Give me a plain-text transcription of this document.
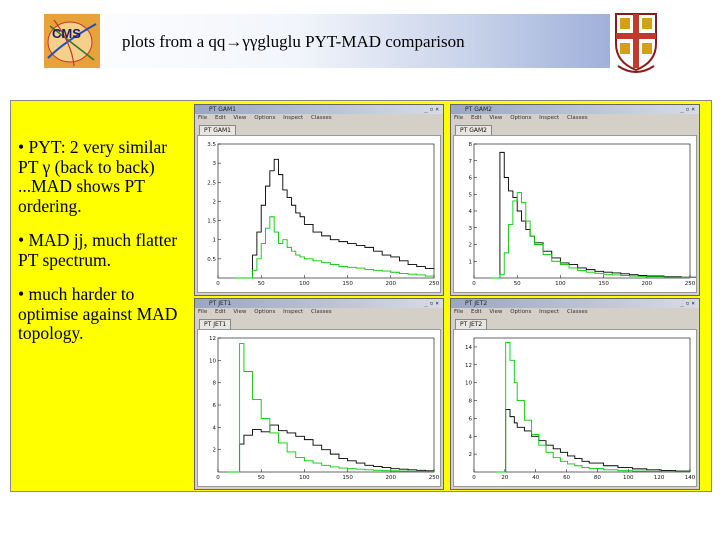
CMS plots from a qq→γγgluglu PYT-MAD comparison

• PYT: 2 very similar PT γ (back to back) ...MAD shows PT ordering.

• MAD jj, much flatter PT spectrum.

• much harder to optimise against MAD topology.

PT GAM1	_▫×
File Edit View Options Inspect Classes
PT GAM1
0	50	100	150	200	250
0.5
1
1.5
2
2.5
3
3.5
PT GAM2	_▫×
File Edit View Options Inspect Classes
PT GAM2
0	50	100	150	200	250
1
2
3
4
5
6
7
8
PT JET1	_▫×
File Edit View Options Inspect Classes
PT JET1
0	50	100	150	200	250
2
4
6
8
10
12
PT JET2	_▫×
File Edit View Options Inspect Classes
PT JET2
0	20	40	60	80	100	120	140
2
4
6
8
10
12
14
